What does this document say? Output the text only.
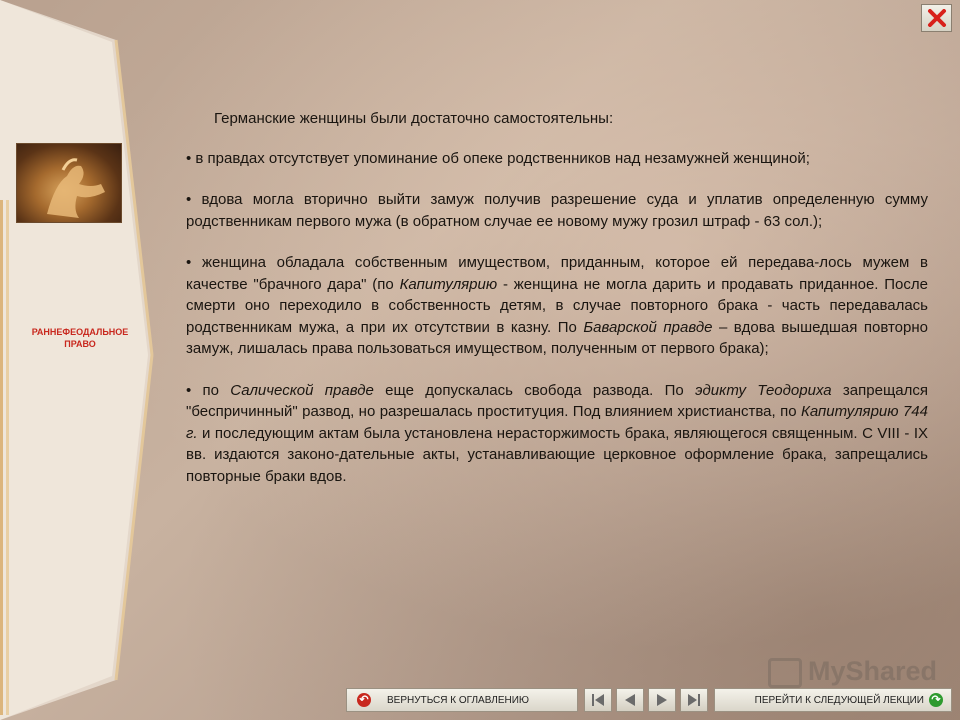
РАННЕФЕОДАЛЬНОЕ
ПРАВО

Германские женщины были достаточно самостоятельны:

• в правдах отсутствует упоминание об опеке родственников над незамужней женщиной;

• вдова могла вторично выйти замуж получив разрешение суда и уплатив определенную сумму родственникам первого мужа (в обратном случае ее новому мужу грозил штраф - 63 сол.);

• женщина обладала собственным имуществом, приданным, которое ей передава-лось мужем в качестве "брачного дара" (по Капитулярию - женщина не могла дарить и продавать приданное. После смерти оно переходило в собственность детям, в случае повторного брака - часть передавалась родственникам мужа, а при их отсутствии в казну. По Баварской правде – вдова вышедшая повторно замуж, лишалась права пользоваться имуществом, полученным от первого брака);

• по Салической правде еще допускалась свобода развода. По эдикту Теодориха запрещался "беспричинный" развод, но разрешалась проституция. Под влиянием христианства, по Капитулярию 744 г. и последующим актам была установлена нерасторжимость брака, являющегося священным. С VIII - IX вв. издаются законо-дательные акты, устанавливающие церковное оформление брака, запрещались повторные браки вдов.

MyShared
↶ ВЕРНУТЬСЯ К ОГЛАВЛЕНИЮ	ПЕРЕЙТИ К СЛЕДУЮЩЕЙ ЛЕКЦИИ ↷
